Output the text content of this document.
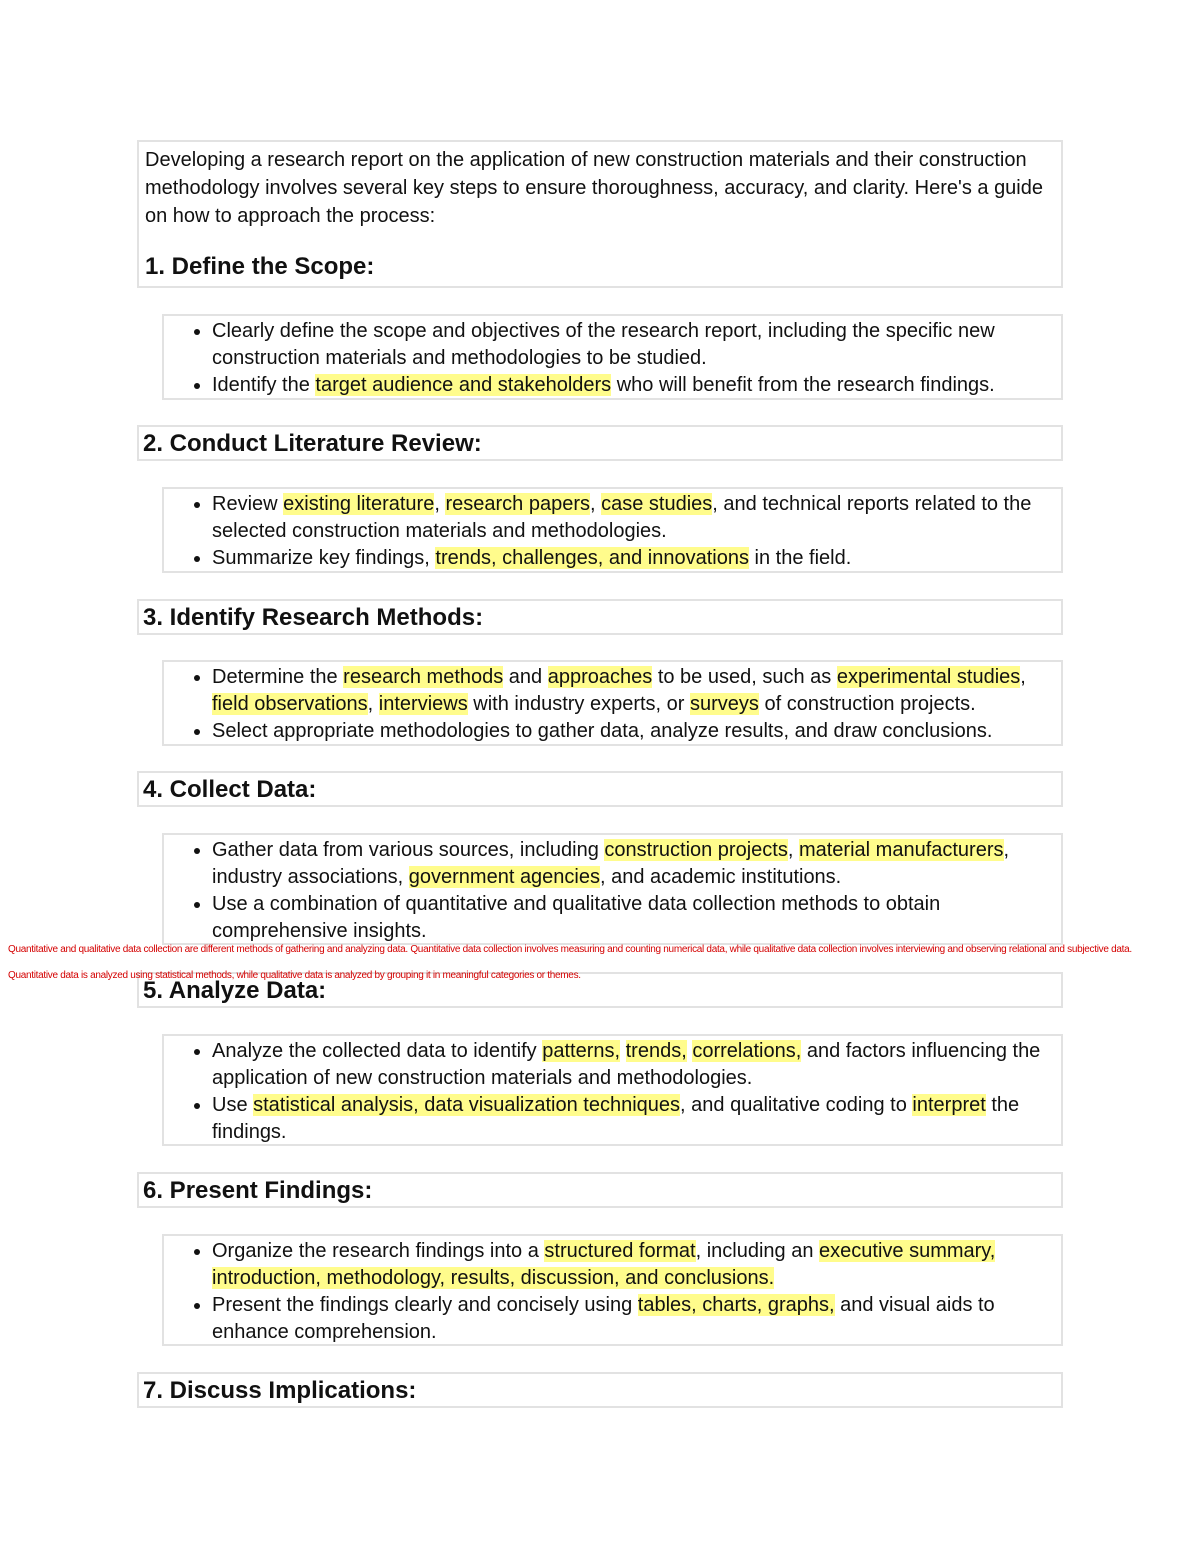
Developing a research report on the application of new construction materials and their construction methodology involves several key steps to ensure thoroughness, accuracy, and clarity. Here's a guide on how to approach the process:

1. Define the Scope:
• Clearly define the scope and objectives of the research report, including the specific new construction materials and methodologies to be studied.
• Identify the target audience and stakeholders who will benefit from the research findings.
2. Conduct Literature Review:
• Review existing literature, research papers, case studies, and technical reports related to the selected construction materials and methodologies.
• Summarize key findings, trends, challenges, and innovations in the field.
3. Identify Research Methods:
• Determine the research methods and approaches to be used, such as experimental studies, field observations, interviews with industry experts, or surveys of construction projects.
• Select appropriate methodologies to gather data, analyze results, and draw conclusions.
4. Collect Data:
• Gather data from various sources, including construction projects, material manufacturers, industry associations, government agencies, and academic institutions.
• Use a combination of quantitative and qualitative data collection methods to obtain comprehensive insights.
5. Analyze Data:
• Analyze the collected data to identify patterns, trends, correlations, and factors influencing the application of new construction materials and methodologies.
• Use statistical analysis, data visualization techniques, and qualitative coding to interpret the findings.
6. Present Findings:
• Organize the research findings into a structured format, including an executive summary, introduction, methodology, results, discussion, and conclusions.
• Present the findings clearly and concisely using tables, charts, graphs, and visual aids to enhance comprehension.
7. Discuss Implications:
Quantitative and qualitative data collection are different methods of gathering and analyzing data. Quantitative data collection involves measuring and counting numerical data, while qualitative data collection involves interviewing and observing relational and subjective data.
Quantitative data is analyzed using statistical methods, while qualitative data is analyzed by grouping it in meaningful categories or themes.
